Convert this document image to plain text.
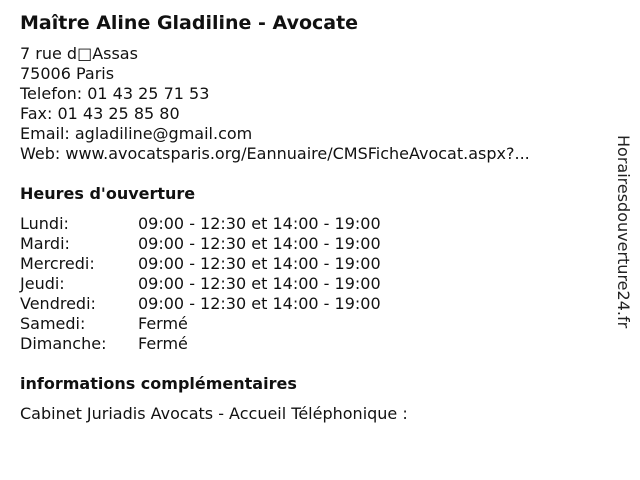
Maître Aline Gladiline - Avocate
7 rue d□Assas
75006 Paris
Telefon: 01 43 25 71 53
Fax: 01 43 25 85 80
Email: agladiline@gmail.com
Web: www.avocatsparis.org/Eannuaire/CMSFicheAvocat.aspx?...
Heures d'ouverture
Lundi:	09:00 - 12:30 et 14:00 - 19:00
Mardi:	09:00 - 12:30 et 14:00 - 19:00
Mercredi:	09:00 - 12:30 et 14:00 - 19:00
Jeudi:	09:00 - 12:30 et 14:00 - 19:00
Vendredi:	09:00 - 12:30 et 14:00 - 19:00
Samedi:	Fermé
Dimanche: Fermé
informations complémentaires
Cabinet Juriadis Avocats - Accueil Téléphonique :
Horairesdouverture24.fr
